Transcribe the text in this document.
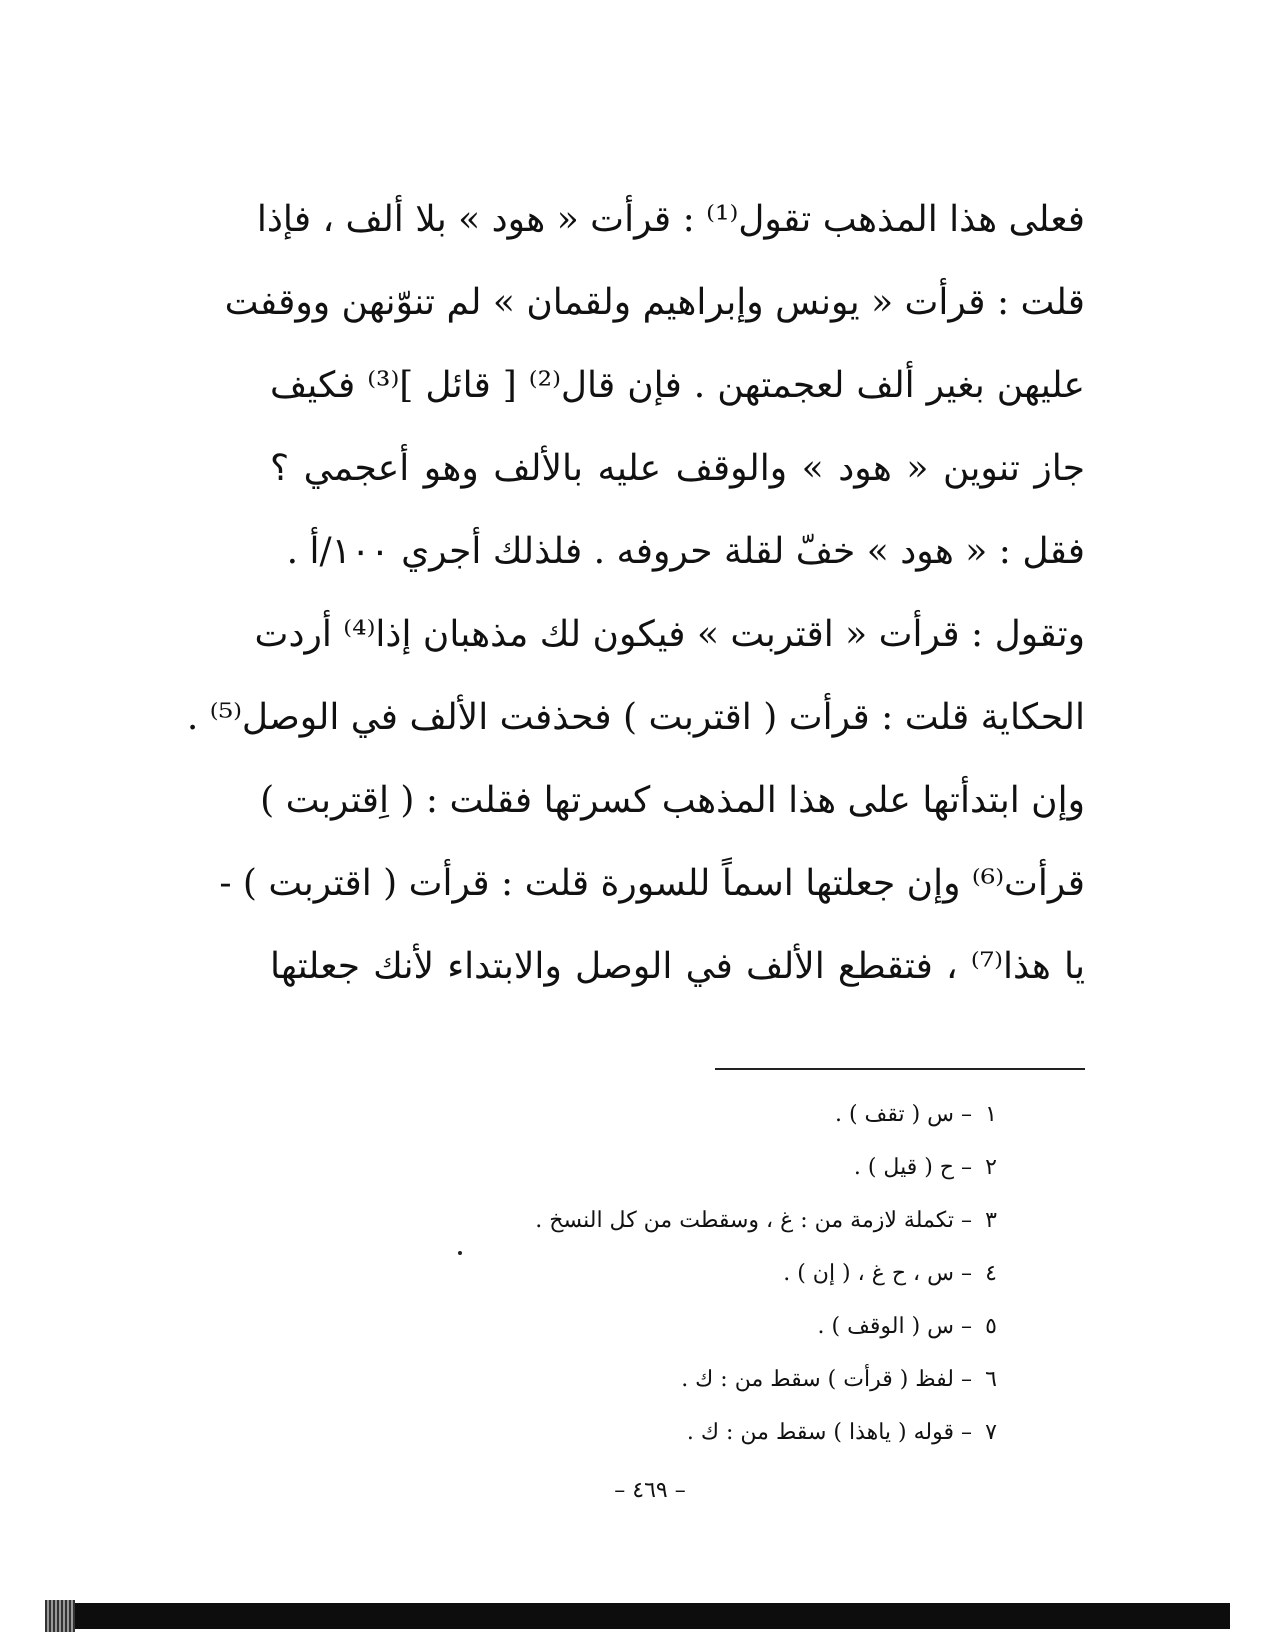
فعلى هذا المذهب تقول⁽¹⁾ : قرأت « هود » بلا ألف ، فإذا
قلت : قرأت « يونس وإبراهيم ولقمان » لم تنوّنهن ووقفت
عليهن بغير ألف لعجمتهن . فإن قال⁽²⁾ [ قائل ]⁽³⁾ فكيف
جاز تنوين « هود » والوقف عليه بالألف وهو أعجمي ؟
فقل : « هود » خفّ لقلة حروفه . فلذلك أجري ١٠٠/أ .
وتقول : قرأت « اقتربت » فيكون لك مذهبان إذا⁽⁴⁾ أردت
الحكاية قلت : قرأت ( اقتربت ) فحذفت الألف في الوصل⁽⁵⁾ .
وإن ابتدأتها على هذا المذهب كسرتها فقلت : ( اِقتربت )
قرأت⁽⁶⁾ وإن جعلتها اسماً للسورة قلت : قرأت ( اقتربت ) -
يا هذا⁽⁷⁾ ، فتقطع الألف في الوصل والابتداء لأنك جعلتها
١ – س ( تقف ) .
٢ – ح ( قيل ) .
٣ – تكملة لازمة من : غ ، وسقطت من كل النسخ .
٤ – س ، ح غ ، ( إن ) .
٥ – س ( الوقف ) .
٦ – لفظ ( قرأت ) سقط من : ك .
٧ – قوله ( ياهذا ) سقط من : ك .
– ٤٦٩ –
